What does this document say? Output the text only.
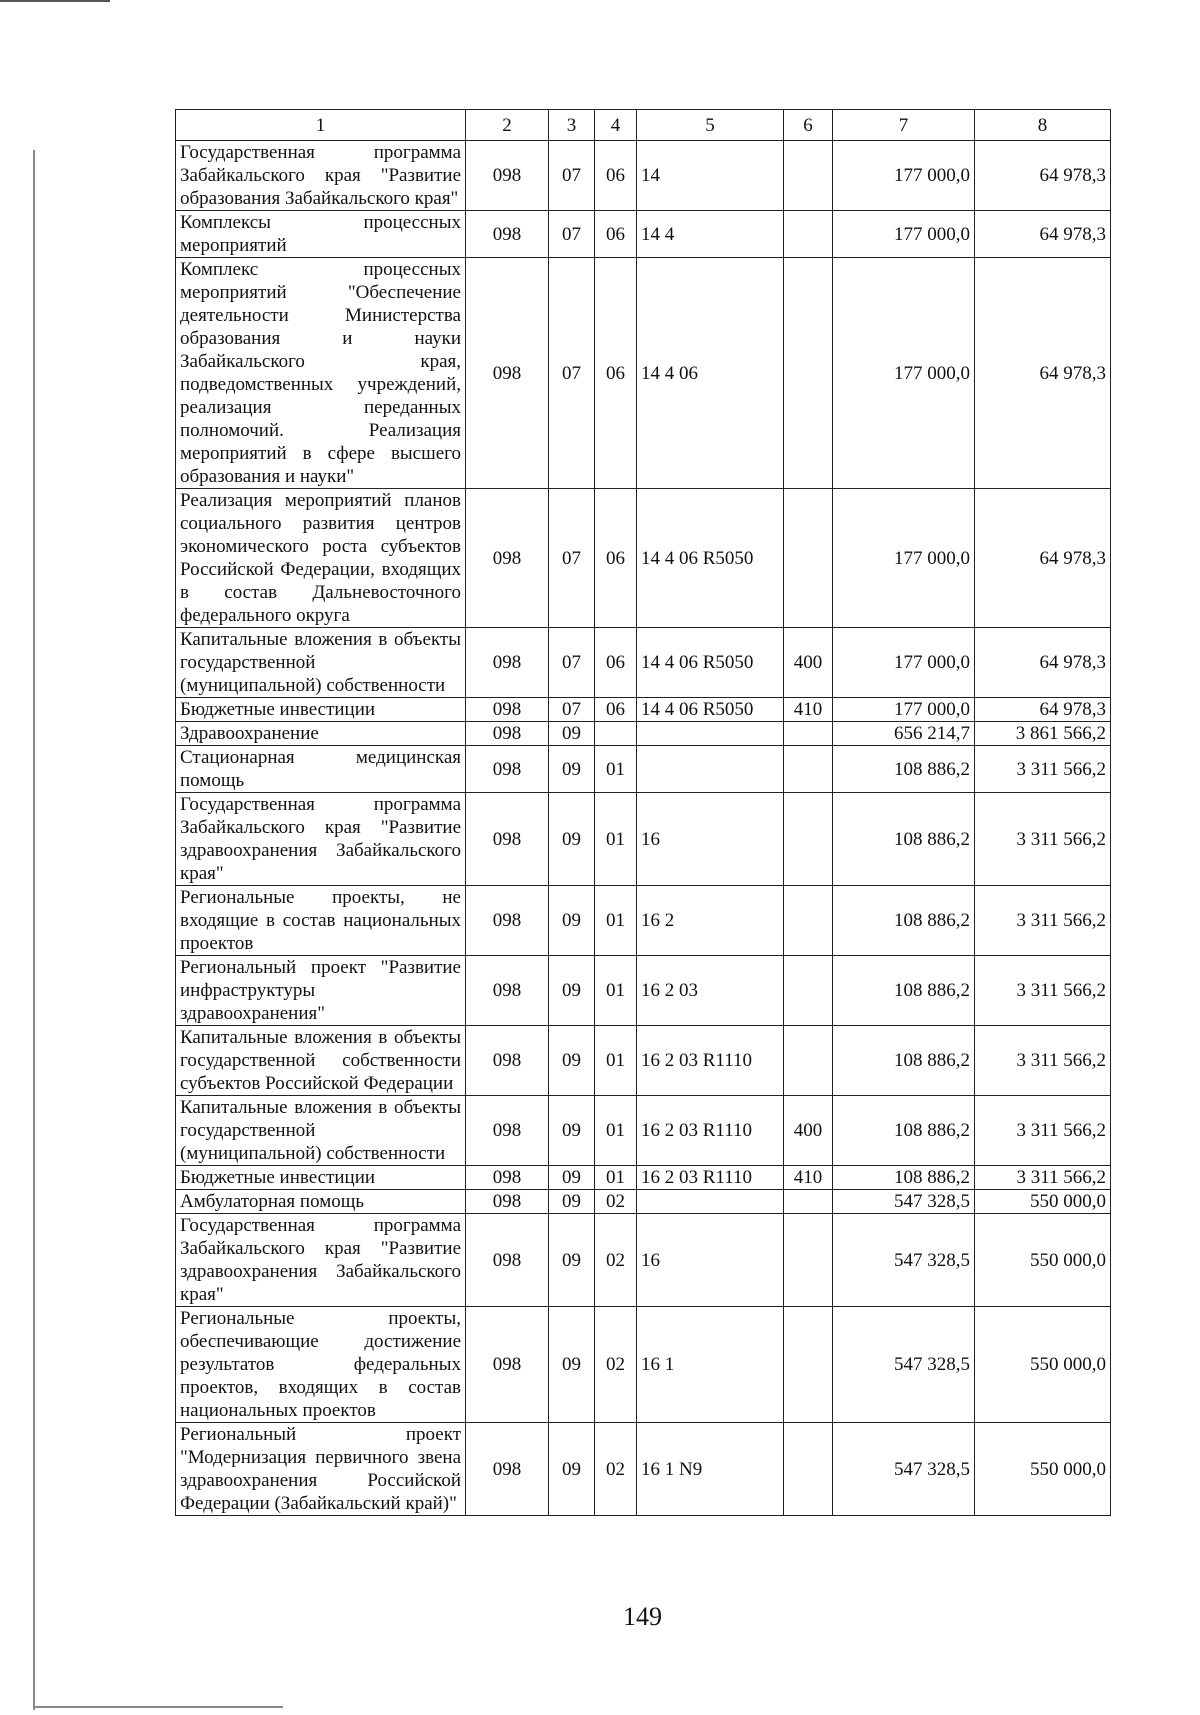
1	2	3	4	5	6	7	8
Государственная программа Забайкальского края "Развитие образования Забайкальского края"	098	07	06	14		177 000,0	64 978,3
Комплексы процессных мероприятий	098	07	06	14 4		177 000,0	64 978,3
Комплекс процессных мероприятий "Обеспечение деятельности Министерства образования и науки Забайкальского края, подведомственных учреждений, реализация переданных полномочий. Реализация мероприятий в сфере высшего образования и науки"	098	07	06	14 4 06		177 000,0	64 978,3
Реализация мероприятий планов социального развития центров экономического роста субъектов Российской Федерации, входящих в состав Дальневосточного федерального округа	098	07	06	14 4 06 R5050		177 000,0	64 978,3
Капитальные вложения в объекты государственной (муниципальной) собственности	098	07	06	14 4 06 R5050	400	177 000,0	64 978,3
Бюджетные инвестиции	098	07	06	14 4 06 R5050	410	177 000,0	64 978,3
Здравоохранение	098	09				656 214,7	3 861 566,2
Стационарная медицинская помощь	098	09	01			108 886,2	3 311 566,2
Государственная программа Забайкальского края "Развитие здравоохранения Забайкальского края"	098	09	01	16		108 886,2	3 311 566,2
Региональные проекты, не входящие в состав национальных проектов	098	09	01	16 2		108 886,2	3 311 566,2
Региональный проект "Развитие инфраструктуры здравоохранения"	098	09	01	16 2 03		108 886,2	3 311 566,2
Капитальные вложения в объекты государственной собственности субъектов Российской Федерации	098	09	01	16 2 03 R1110		108 886,2	3 311 566,2
Капитальные вложения в объекты государственной (муниципальной) собственности	098	09	01	16 2 03 R1110	400	108 886,2	3 311 566,2
Бюджетные инвестиции	098	09	01	16 2 03 R1110	410	108 886,2	3 311 566,2
Амбулаторная помощь	098	09	02			547 328,5	550 000,0
Государственная программа Забайкальского края "Развитие здравоохранения Забайкальского края"	098	09	02	16		547 328,5	550 000,0
Региональные проекты, обеспечивающие достижение результатов федеральных проектов, входящих в состав национальных проектов	098	09	02	16 1		547 328,5	550 000,0
Региональный проект "Модернизация первичного звена здравоохранения Российской Федерации (Забайкальский край)"	098	09	02	16 1 N9		547 328,5	550 000,0
149
